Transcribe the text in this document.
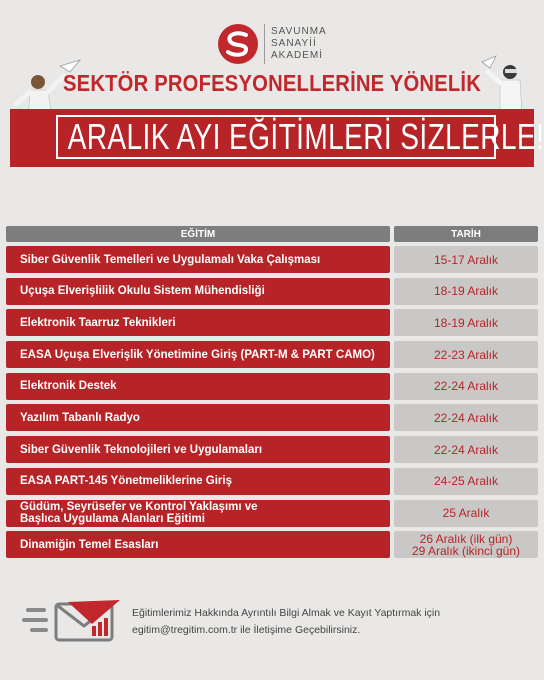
SAVUNMA
SANAYİİ
AKADEMİ
SEKTÖR PROFESYONELLERİNE YÖNELİK
ARALIK AYI EĞİTİMLERİ SİZLERLE!
EĞİTİM	TARİH
Siber Güvenlik Temelleri ve Uygulamalı Vaka Çalışması	15-17 Aralık
Uçuşa Elverişlilik Okulu Sistem Mühendisliği	18-19 Aralık
Elektronik Taarruz Teknikleri	18-19 Aralık
EASA Uçuşa Elverişlik Yönetimine Giriş (PART-M & PART CAMO)	22-23 Aralık
Elektronik Destek	22-24 Aralık
Yazılım Tabanlı Radyo	22-24 Aralık
Siber Güvenlik Teknolojileri ve Uygulamaları	22-24 Aralık
EASA PART-145 Yönetmeliklerine Giriş	24-25 Aralık
Güdüm, Seyrüsefer ve Kontrol Yaklaşımı ve
Başlıca Uygulama Alanları Eğitimi	25 Aralık
Dinamiğin Temel Esasları	26 Aralık (ilk gün)
29 Aralık (ikinci gün)
Eğitimlerimiz Hakkında Ayrıntılı Bilgi Almak ve Kayıt Yaptırmak için
egitim@tregitim.com.tr ile İletişime Geçebilirsiniz.
